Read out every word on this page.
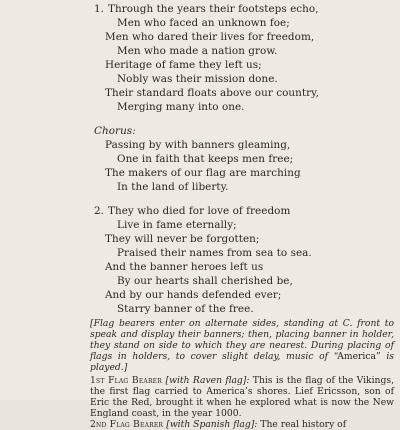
1. Through the years their footsteps echo,
Men who faced an unknown foe;
Men who dared their lives for freedom,
Men who made a nation grow.
Heritage of fame they left us;
Nobly was their mission done.
Their standard floats above our country,
Merging many into one.
Chorus:
Passing by with banners gleaming,
One in faith that keeps men free;
The makers of our flag are marching
In the land of liberty.
2. They who died for love of freedom
Live in fame eternally;
They will never be forgotten;
Praised their names from sea to sea.
And the banner heroes left us
By our hearts shall cherished be,
And by our hands defended ever;
Starry banner of the free.
[Flag bearers enter on alternate sides, standing at C. front to speak and display their banners; then, placing banner in holder, they stand on side to which they are nearest. During placing of flags in holders, to cover slight delay, music of “America” is played.]
1st Flag Bearer [with Raven flag]: This is the flag of the Vikings, the first flag carried to America’s shores. Lief Ericsson, son of Eric the Red, brought it when he explored what is now the New England coast, in the year 1000.
2nd Flag Bearer [with Spanish flag]: The real history of
